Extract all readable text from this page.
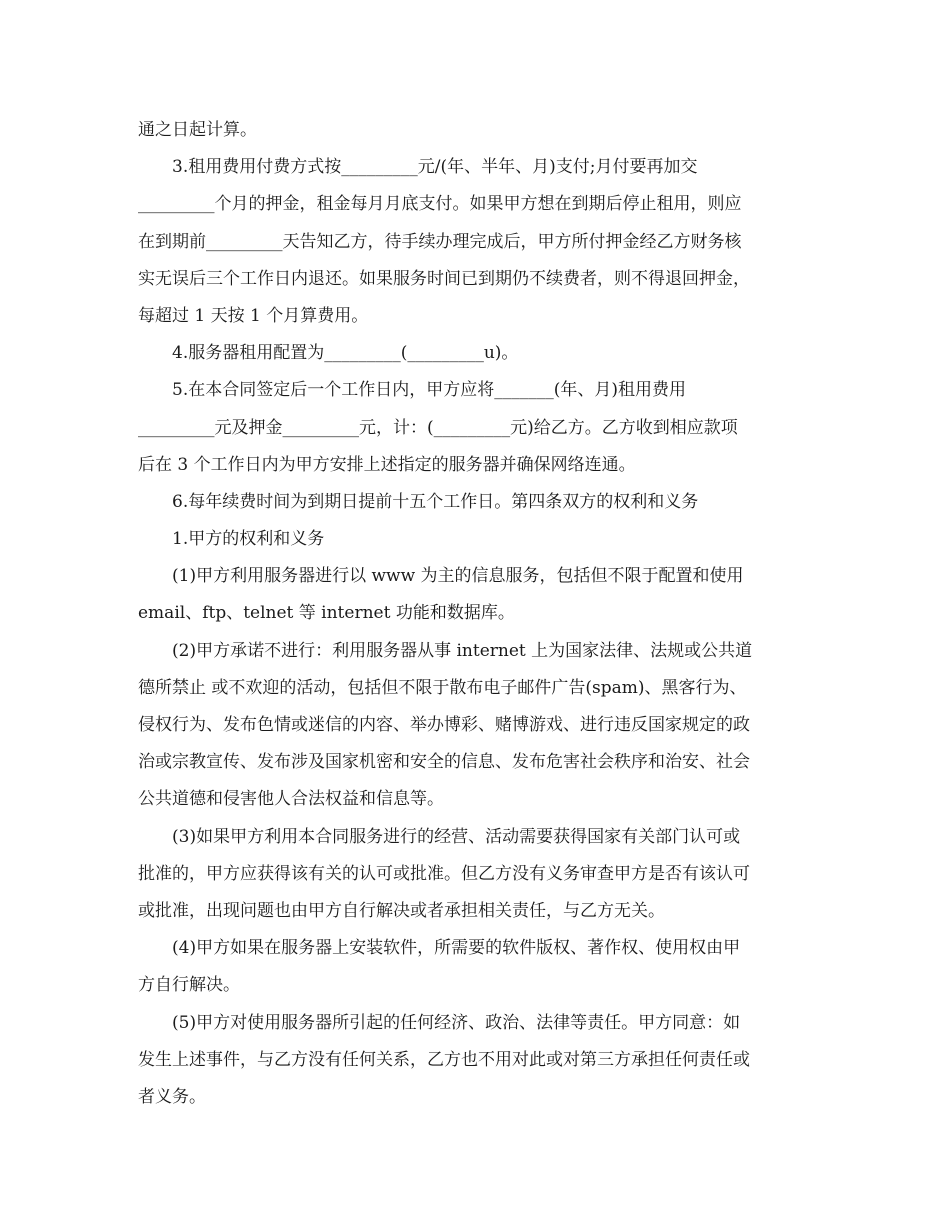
通之日起计算。
3.租用费用付费方式按_________元/(年、半年、月)支付;月付要再加交
_________个月的押金，租金每月月底支付。如果甲方想在到期后停止租用，则应
在到期前_________天告知乙方，待手续办理完成后，甲方所付押金经乙方财务核
实无误后三个工作日内退还。如果服务时间已到期仍不续费者，则不得退回押金，
每超过 1 天按 1 个月算费用。
4.服务器租用配置为_________(_________u)。
5.在本合同签定后一个工作日内，甲方应将_______(年、月)租用费用
_________元及押金_________元，计：(_________元)给乙方。乙方收到相应款项
后在 3 个工作日内为甲方安排上述指定的服务器并确保网络连通。
6.每年续费时间为到期日提前十五个工作日。第四条双方的权利和义务
1.甲方的权利和义务
(1)甲方利用服务器进行以 www 为主的信息服务，包括但不限于配置和使用
email、ftp、telnet 等 internet 功能和数据库。
(2)甲方承诺不进行：利用服务器从事 internet 上为国家法律、法规或公共道
德所禁止 或不欢迎的活动，包括但不限于散布电子邮件广告(spam)、黑客行为、
侵权行为、发布色情或迷信的内容、举办博彩、赌博游戏、进行违反国家规定的政
治或宗教宣传、发布涉及国家机密和安全的信息、发布危害社会秩序和治安、社会
公共道德和侵害他人合法权益和信息等。
(3)如果甲方利用本合同服务进行的经营、活动需要获得国家有关部门认可或
批准的，甲方应获得该有关的认可或批准。但乙方没有义务审查甲方是否有该认可
或批准，出现问题也由甲方自行解决或者承担相关责任，与乙方无关。
(4)甲方如果在服务器上安装软件，所需要的软件版权、著作权、使用权由甲
方自行解决。
(5)甲方对使用服务器所引起的任何经济、政治、法律等责任。甲方同意：如
发生上述事件，与乙方没有任何关系，乙方也不用对此或对第三方承担任何责任或
者义务。
